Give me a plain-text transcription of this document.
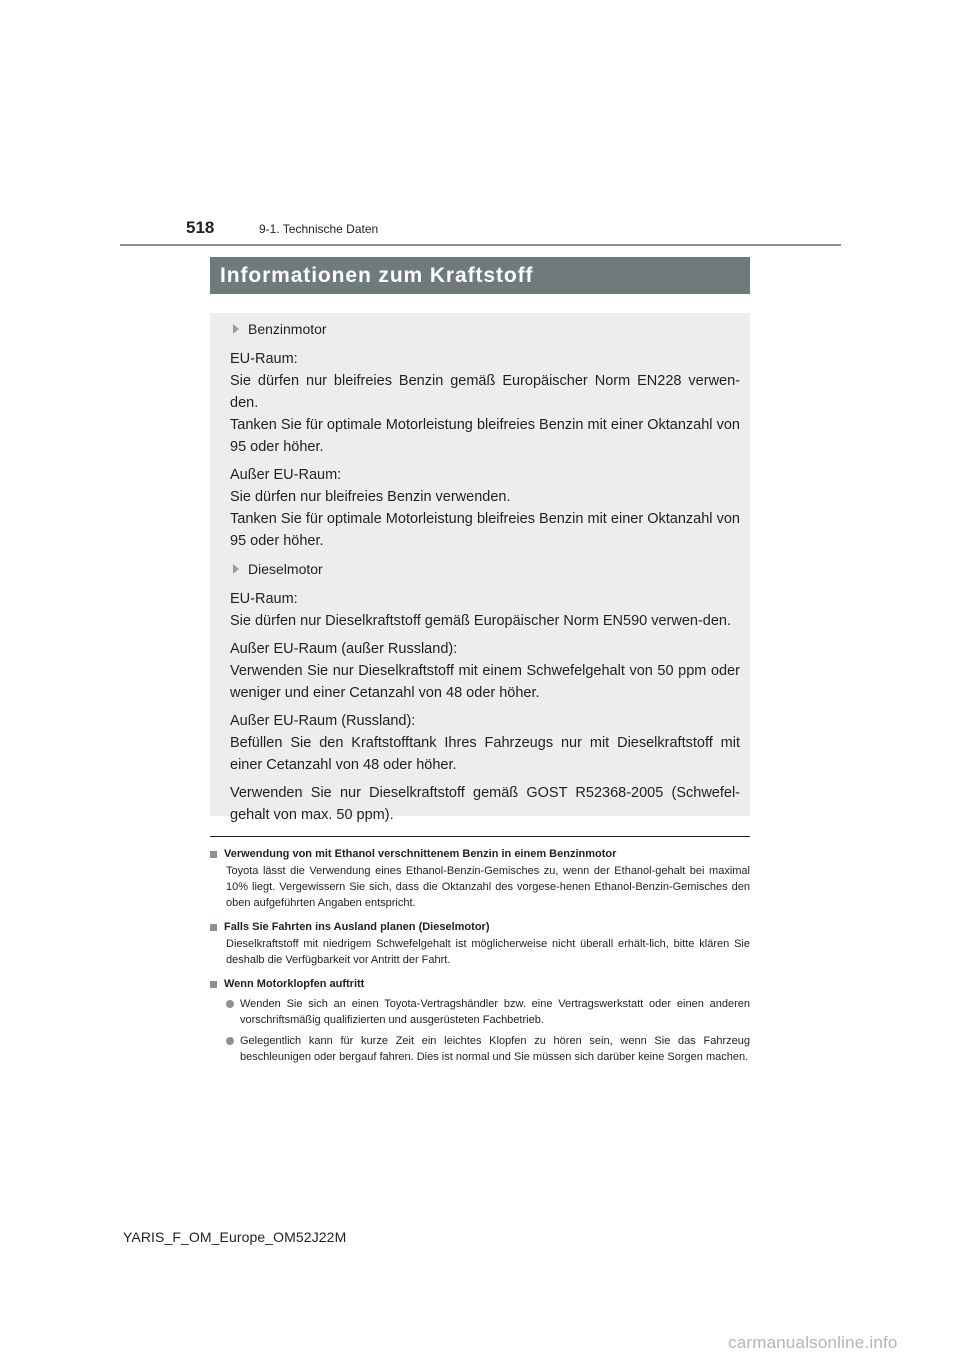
518	9-1. Technische Daten
Informationen zum Kraftstoff
Benzinmotor
EU-Raum:
Sie dürfen nur bleifreies Benzin gemäß Europäischer Norm EN228 verwen-den.
Tanken Sie für optimale Motorleistung bleifreies Benzin mit einer Oktanzahl von 95 oder höher.
Außer EU-Raum:
Sie dürfen nur bleifreies Benzin verwenden.
Tanken Sie für optimale Motorleistung bleifreies Benzin mit einer Oktanzahl von 95 oder höher.
Dieselmotor
EU-Raum:
Sie dürfen nur Dieselkraftstoff gemäß Europäischer Norm EN590 verwen-den.
Außer EU-Raum (außer Russland):
Verwenden Sie nur Dieselkraftstoff mit einem Schwefelgehalt von 50 ppm oder weniger und einer Cetanzahl von 48 oder höher.
Außer EU-Raum (Russland):
Befüllen Sie den Kraftstofftank Ihres Fahrzeugs nur mit Dieselkraftstoff mit einer Cetanzahl von 48 oder höher.
Verwenden Sie nur Dieselkraftstoff gemäß GOST R52368-2005 (Schwefel-gehalt von max. 50 ppm).
Verwendung von mit Ethanol verschnittenem Benzin in einem Benzinmotor
Toyota lässt die Verwendung eines Ethanol-Benzin-Gemisches zu, wenn der Ethanol-gehalt bei maximal 10% liegt. Vergewissern Sie sich, dass die Oktanzahl des vorgese-henen Ethanol-Benzin-Gemisches den oben aufgeführten Angaben entspricht.
Falls Sie Fahrten ins Ausland planen (Dieselmotor)
Dieselkraftstoff mit niedrigem Schwefelgehalt ist möglicherweise nicht überall erhält-lich, bitte klären Sie deshalb die Verfügbarkeit vor Antritt der Fahrt.
Wenn Motorklopfen auftritt
Wenden Sie sich an einen Toyota-Vertragshändler bzw. eine Vertragswerkstatt oder einen anderen vorschriftsmäßig qualifizierten und ausgerüsteten Fachbetrieb.
Gelegentlich kann für kurze Zeit ein leichtes Klopfen zu hören sein, wenn Sie das Fahrzeug beschleunigen oder bergauf fahren. Dies ist normal und Sie müssen sich darüber keine Sorgen machen.
YARIS_F_OM_Europe_OM52J22M
carmanualsonline.info
